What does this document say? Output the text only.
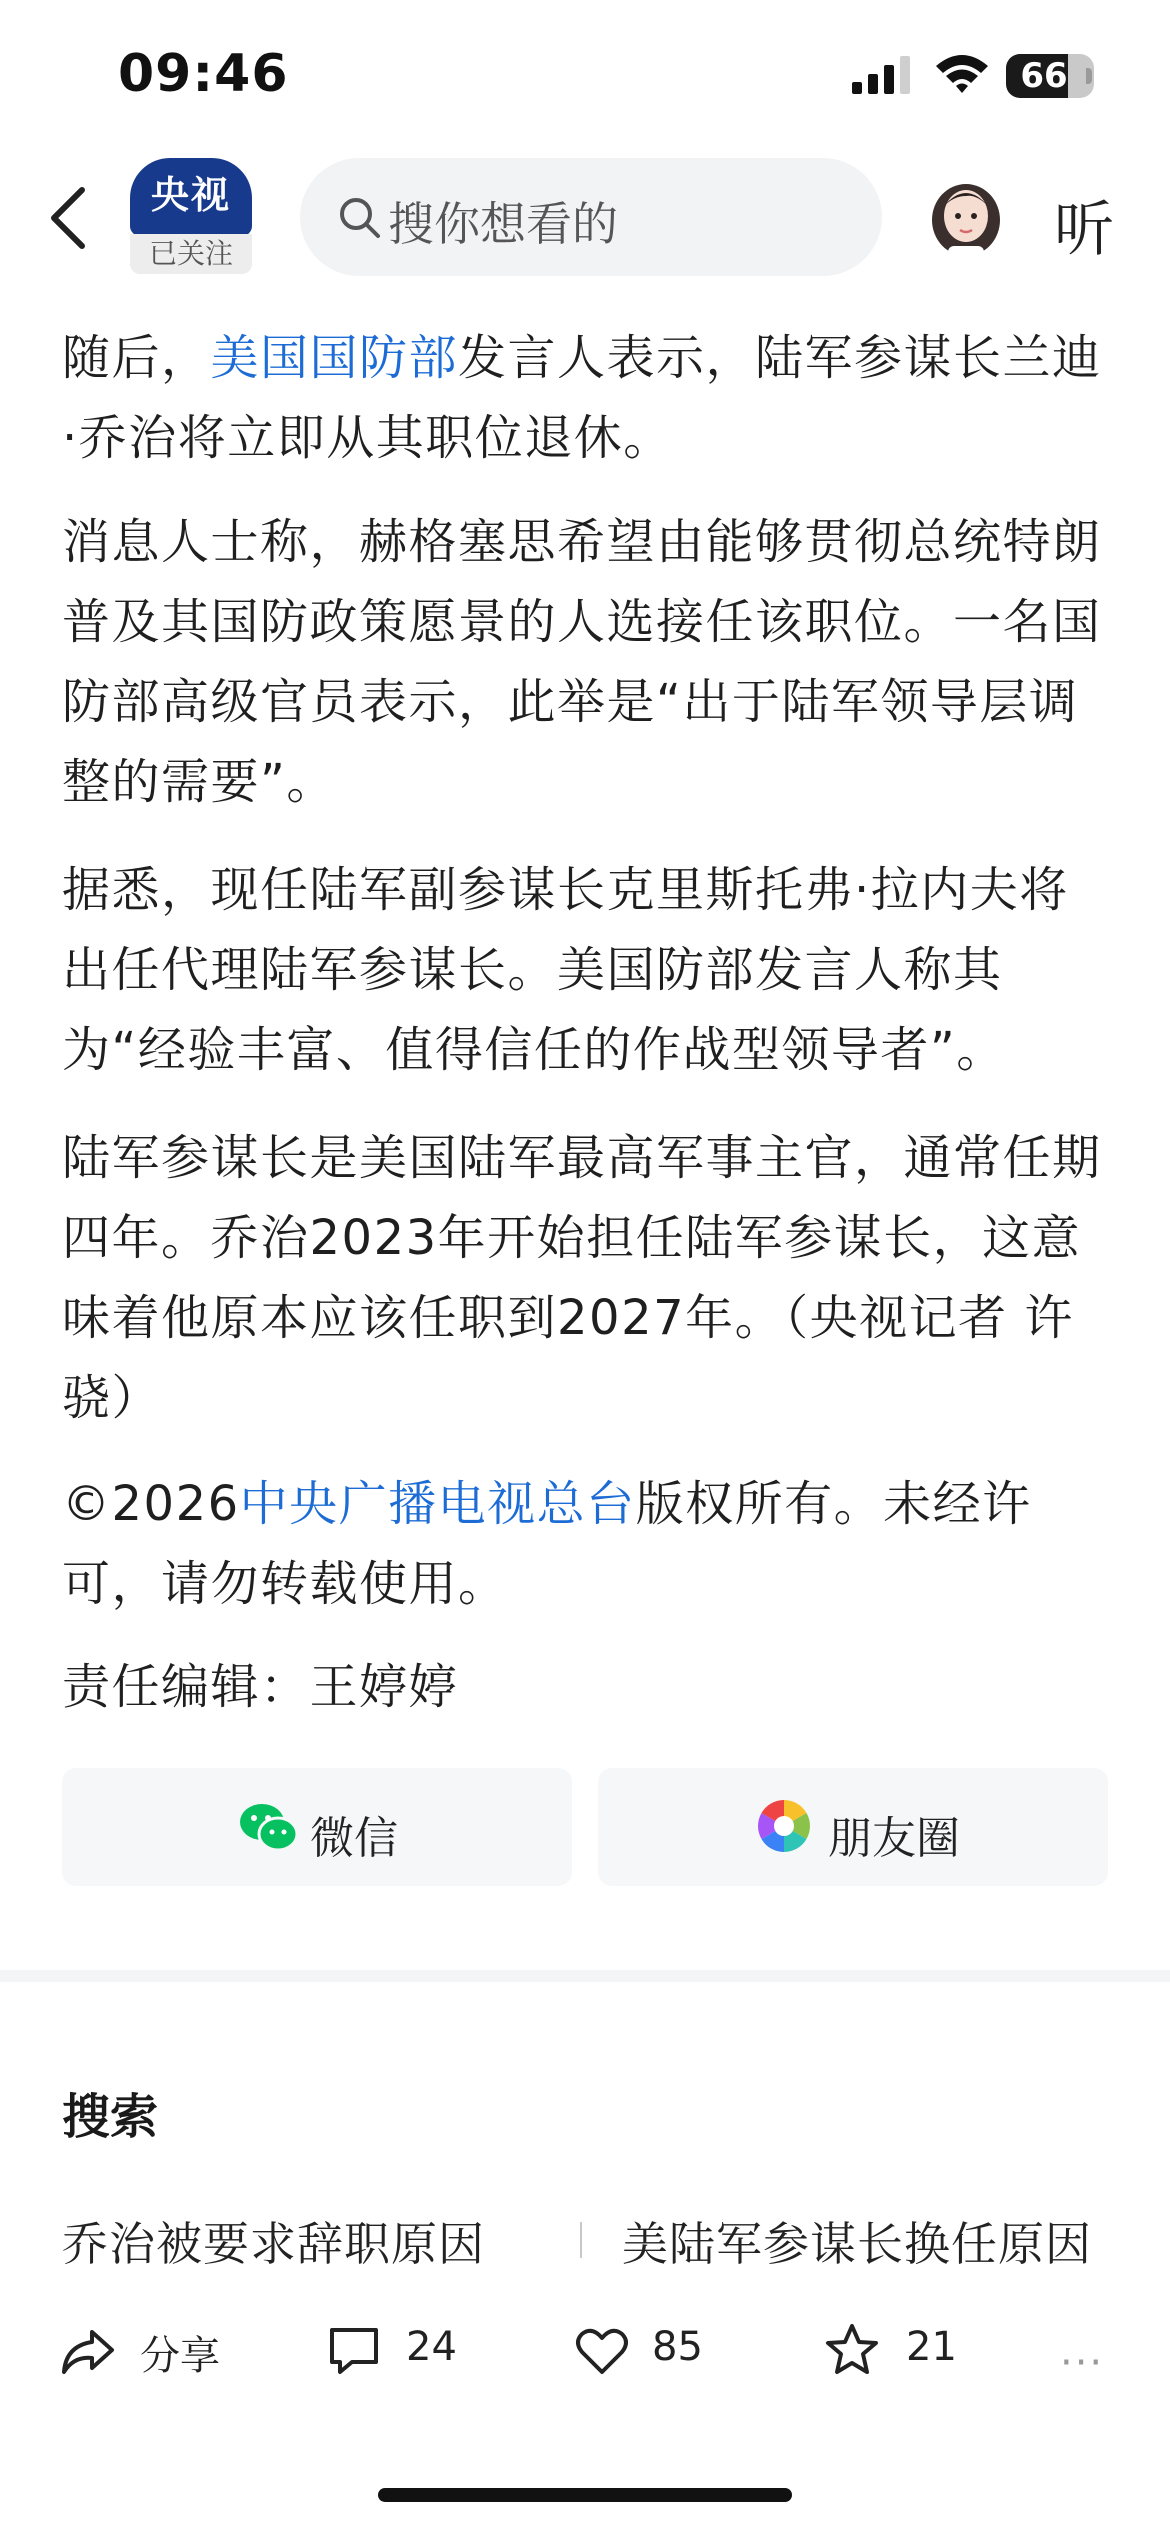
09:46	66
央视
已关注
搜你想看的	听
随后，美国国防部发言人表示，陆军参谋长兰迪·乔治将立即从其职位退休。
消息人士称，赫格塞思希望由能够贯彻总统特朗普及其国防政策愿景的人选接任该职位。一名国防部高级官员表示，此举是“出于陆军领导层调整的需要”。
据悉，现任陆军副参谋长克里斯托弗·拉内夫将出任代理陆军参谋长。美国防部发言人称其为“经验丰富、值得信任的作战型领导者”。
陆军参谋长是美国陆军最高军事主官，通常任期四年。乔治2023年开始担任陆军参谋长，这意味着他原本应该任职到2027年。（央视记者 许骁）
©2026中央广播电视总台版权所有。未经许可，请勿转载使用。
责任编辑：王婷婷
微信	朋友圈
搜索
乔治被要求辞职原因	美陆军参谋长换任原因
分享	24	85	21	···
